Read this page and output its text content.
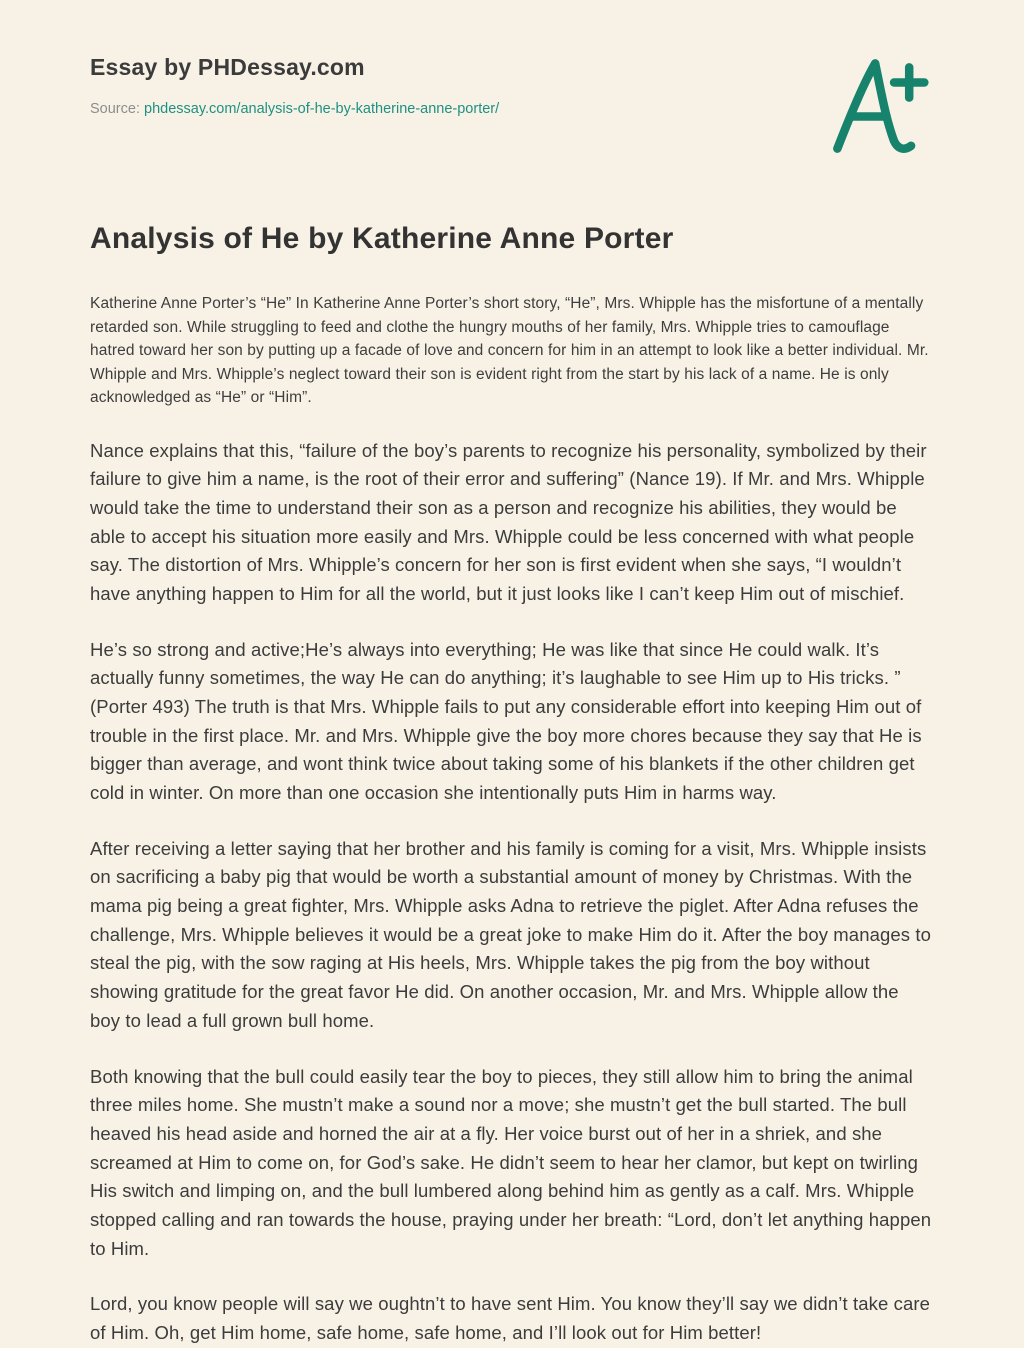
Essay by PHDessay.com
Source: phdessay.com/analysis-of-he-by-katherine-anne-porter/
Analysis of He by Katherine Anne Porter

Katherine Anne Porter’s “He” In Katherine Anne Porter’s short story, “He”, Mrs. Whipple has the misfortune of a mentally retarded son. While struggling to feed and clothe the hungry mouths of her family, Mrs. Whipple tries to camouflage hatred toward her son by putting up a facade of love and concern for him in an attempt to look like a better individual. Mr. Whipple and Mrs. Whipple’s neglect toward their son is evident right from the start by his lack of a name. He is only acknowledged as “He” or “Him”.

Nance explains that this, “failure of the boy’s parents to recognize his personality, symbolized by their failure to give him a name, is the root of their error and suffering” (Nance 19). If Mr. and Mrs. Whipple would take the time to understand their son as a person and recognize his abilities, they would be able to accept his situation more easily and Mrs. Whipple could be less concerned with what people say. The distortion of Mrs. Whipple’s concern for her son is first evident when she says, “I wouldn’t have anything happen to Him for all the world, but it just looks like I can’t keep Him out of mischief.

He’s so strong and active;He’s always into everything; He was like that since He could walk. It’s actually funny sometimes, the way He can do anything; it’s laughable to see Him up to His tricks. ” (Porter 493) The truth is that Mrs. Whipple fails to put any considerable effort into keeping Him out of trouble in the first place. Mr. and Mrs. Whipple give the boy more chores because they say that He is bigger than average, and wont think twice about taking some of his blankets if the other children get cold in winter. On more than one occasion she intentionally puts Him in harms way.

After receiving a letter saying that her brother and his family is coming for a visit, Mrs. Whipple insists on sacrificing a baby pig that would be worth a substantial amount of money by Christmas. With the mama pig being a great fighter, Mrs. Whipple asks Adna to retrieve the piglet. After Adna refuses the challenge, Mrs. Whipple believes it would be a great joke to make Him do it. After the boy manages to steal the pig, with the sow raging at His heels, Mrs. Whipple takes the pig from the boy without showing gratitude for the great favor He did. On another occasion, Mr. and Mrs. Whipple allow the boy to lead a full grown bull home.

Both knowing that the bull could easily tear the boy to pieces, they still allow him to bring the animal three miles home. She mustn’t make a sound nor a move; she mustn’t get the bull started. The bull heaved his head aside and horned the air at a fly. Her voice burst out of her in a shriek, and she screamed at Him to come on, for God’s sake. He didn’t seem to hear her clamor, but kept on twirling His switch and limping on, and the bull lumbered along behind him as gently as a calf. Mrs. Whipple stopped calling and ran towards the house, praying under her breath: “Lord, don’t let anything happen to Him.

Lord, you know people will say we oughtn’t to have sent Him. You know they’ll say we didn’t take care of Him. Oh, get Him home, safe home, safe home, and I’ll look out for Him better!
